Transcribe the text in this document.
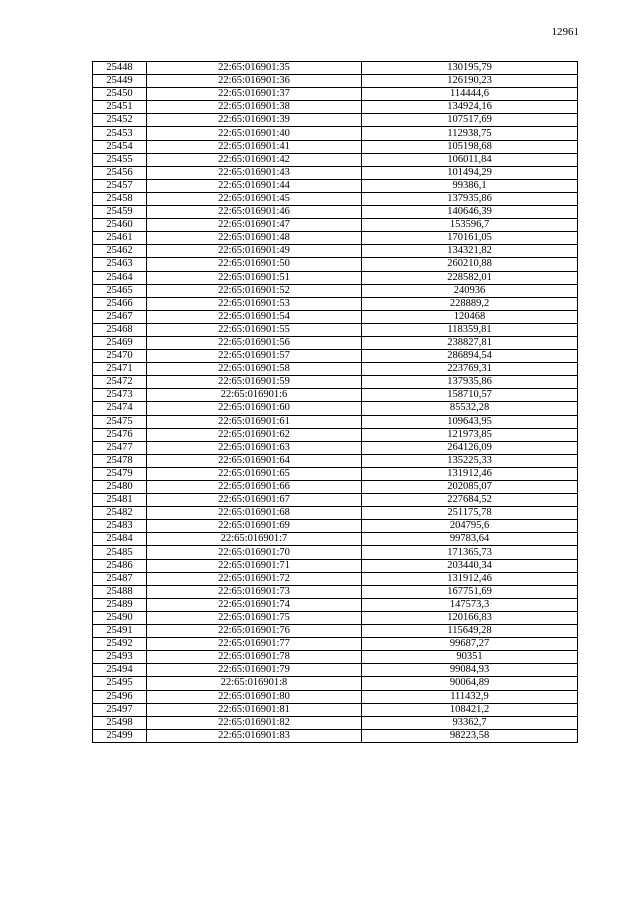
12961
25448	22:65:016901:35	130195,79
25449	22:65:016901:36	126190,23
25450	22:65:016901:37	114444,6
25451	22:65:016901:38	134924,16
25452	22:65:016901:39	107517,69
25453	22:65:016901:40	112938,75
25454	22:65:016901:41	105198,68
25455	22:65:016901:42	106011,84
25456	22:65:016901:43	101494,29
25457	22:65:016901:44	99386,1
25458	22:65:016901:45	137935,86
25459	22:65:016901:46	140646,39
25460	22:65:016901:47	153596,7
25461	22:65:016901:48	170161,05
25462	22:65:016901:49	134321,82
25463	22:65:016901:50	260210,88
25464	22:65:016901:51	228582,01
25465	22:65:016901:52	240936
25466	22:65:016901:53	228889,2
25467	22:65:016901:54	120468
25468	22:65:016901:55	118359,81
25469	22:65:016901:56	238827,81
25470	22:65:016901:57	286894,54
25471	22:65:016901:58	223769,31
25472	22:65:016901:59	137935,86
25473	22:65:016901:6	158710,57
25474	22:65:016901:60	85532,28
25475	22:65:016901:61	109643,95
25476	22:65:016901:62	121973,85
25477	22:65:016901:63	264126,09
25478	22:65:016901:64	135225,33
25479	22:65:016901:65	131912,46
25480	22:65:016901:66	202085,07
25481	22:65:016901:67	227684,52
25482	22:65:016901:68	251175,78
25483	22:65:016901:69	204795,6
25484	22:65:016901:7	99783,64
25485	22:65:016901:70	171365,73
25486	22:65:016901:71	203440,34
25487	22:65:016901:72	131912,46
25488	22:65:016901:73	167751,69
25489	22:65:016901:74	147573,3
25490	22:65:016901:75	120166,83
25491	22:65:016901:76	115649,28
25492	22:65:016901:77	99687,27
25493	22:65:016901:78	90351
25494	22:65:016901:79	99084,93
25495	22:65:016901:8	90064,89
25496	22:65:016901:80	111432,9
25497	22:65:016901:81	108421,2
25498	22:65:016901:82	93362,7
25499	22:65:016901:83	98223,58
